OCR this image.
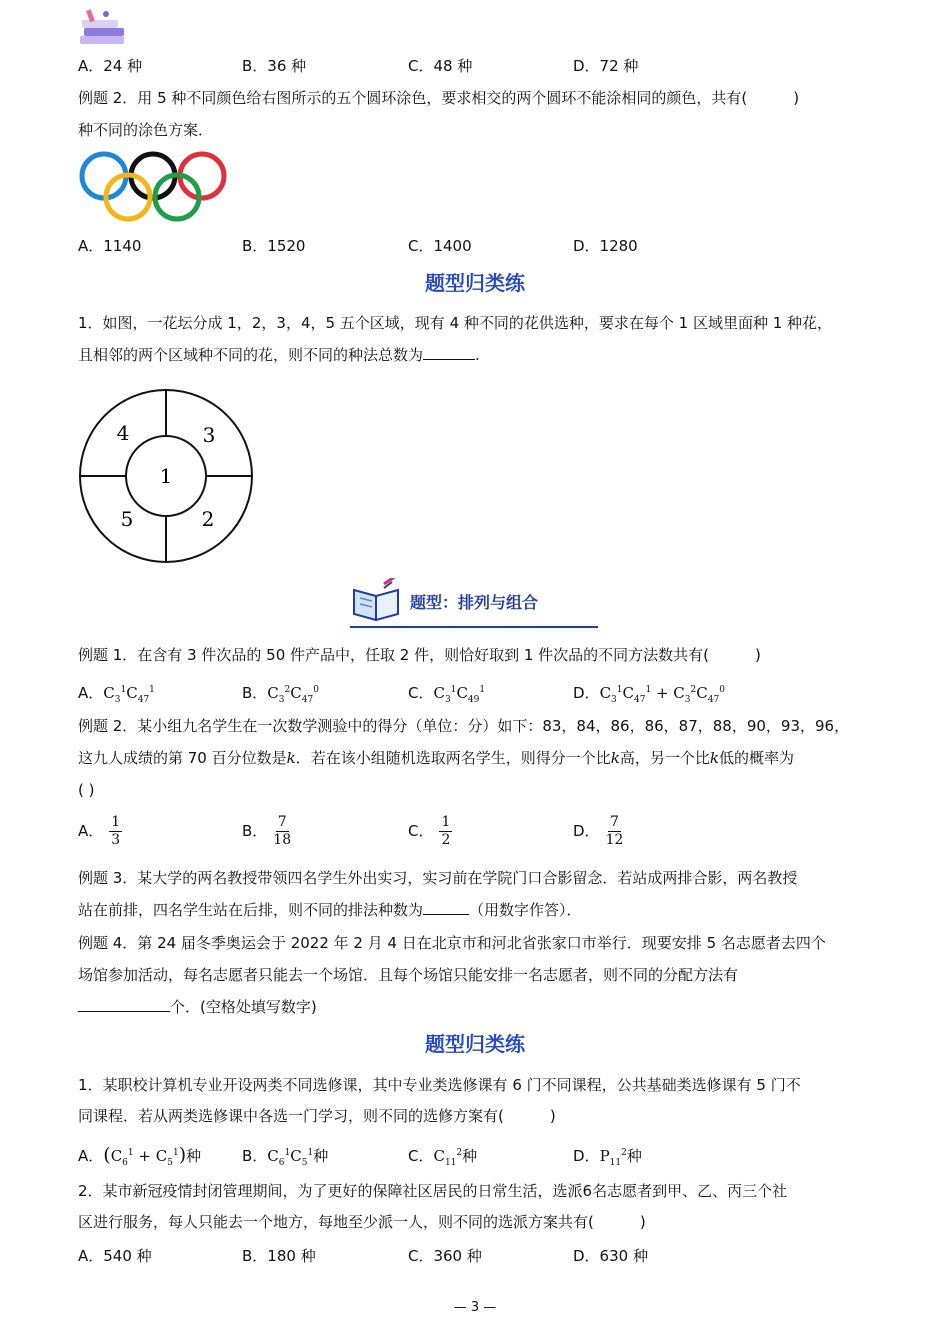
A．24 种	B．36 种	C．48 种	D．72 种
例题 2．用 5 种不同颜色给右图所示的五个圆环涂色，要求相交的两个圆环不能涂相同的颜色，共有(	)
种不同的涂色方案．
A．1140	B．1520	C．1400	D．1280
题型归类练
1．如图，一花坛分成 1，2，3，4，5 五个区域，现有 4 种不同的花供选种，要求在每个 1 区域里面种 1 种花，
且相邻的两个区域种不同的花，则不同的种法总数为	.
1
3
4
5	2
题型：排列与组合
例题 1．在含有 3 件次品的 50 件产品中，任取 2 件，则恰好取到 1 件次品的不同方法数共有(	)
A．$C_3^1C_{47}^1$	B．$C_3^2C_{47}^0$	C．$C_3^1C_{49}^1$	D．$C_3^1C_{47}^1 + C_3^2C_{47}^0$
例题 2．某小组九名学生在一次数学测验中的得分（单位：分）如下：83，84，86，86，87，88，90，93，96，
这九人成绩的第 70 百分位数是k．若在该小组随机选取两名学生，则得分一个比k高，另一个比k低的概率为
( )
A． $\frac{1}{3}$	B． $\frac{7}{18}$	C． $\frac{1}{2}$	D． $\frac{7}{12}$
例题 3．某大学的两名教授带领四名学生外出实习，实习前在学院门口合影留念．若站成两排合影，两名教授
站在前排，四名学生站在后排，则不同的排法种数为	（用数字作答）．
例题 4．第 24 届冬季奥运会于 2022 年 2 月 4 日在北京市和河北省张家口市举行．现要安排 5 名志愿者去四个
场馆参加活动，每名志愿者只能去一个场馆．且每个场馆只能安排一名志愿者，则不同的分配方法有
个．(空格处填写数字)
题型归类练
1．某职校计算机专业开设两类不同选修课，其中专业类选修课有 6 门不同课程，公共基础类选修课有 5 门不
同课程．若从两类选修课中各选一门学习，则不同的选修方案有(	)
A．$(C_6^1 + C_5^1)$种	B．$C_6^1C_5^1$种	C．$C_{11}^2$种	D．$P_{11}^2$种
2．某市新冠疫情封闭管理期间，为了更好的保障社区居民的日常生活，选派6名志愿者到甲、乙、丙三个社
区进行服务，每人只能去一个地方，每地至少派一人，则不同的选派方案共有(	)
A．540 种	B．180 种	C．360 种	D．630 种
— 3 —
